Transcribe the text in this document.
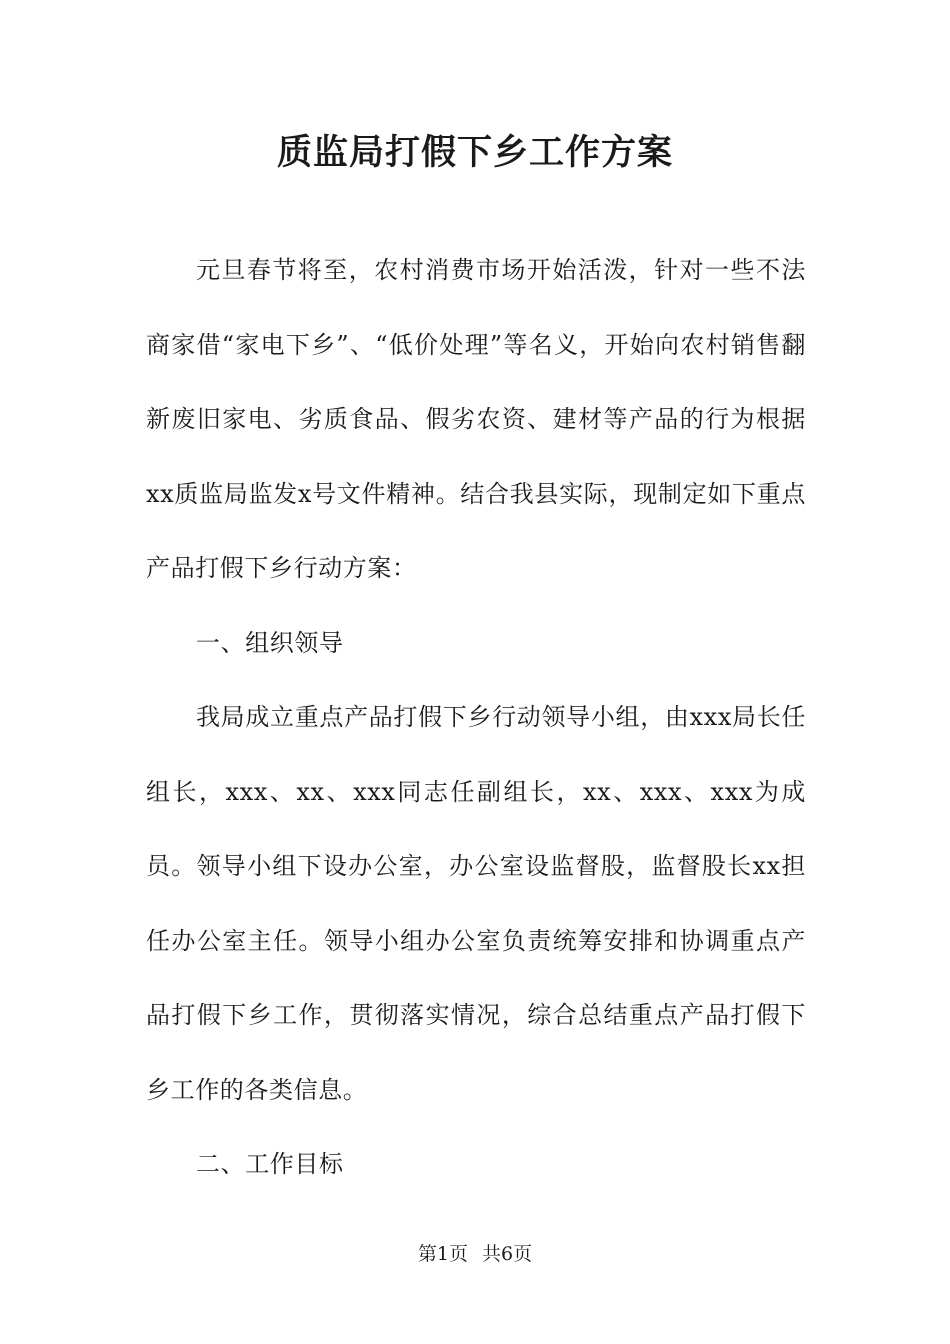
质监局打假下乡工作方案

元旦春节将至，农村消费市场开始活泼，针对一些不法商家借“家电下乡”、“低价处理”等名义，开始向农村销售翻新废旧家电、劣质食品、假劣农资、建材等产品的行为根据xx质监局监发x号文件精神。结合我县实际，现制定如下重点产品打假下乡行动方案：

一、组织领导

我局成立重点产品打假下乡行动领导小组，由xxx局长任组长，xxx、xx、xxx同志任副组长，xx、xxx、xxx为成员。领导小组下设办公室，办公室设监督股，监督股长xx担任办公室主任。领导小组办公室负责统筹安排和协调重点产品打假下乡工作，贯彻落实情况，综合总结重点产品打假下乡工作的各类信息。

二、工作目标

第1页 共6页
